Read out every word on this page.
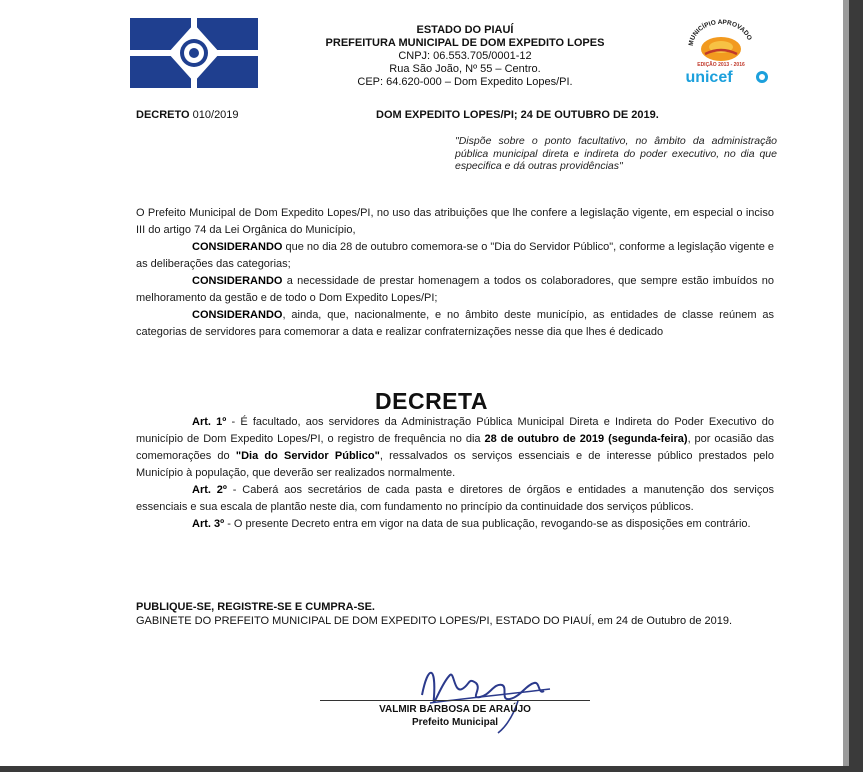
ESTADO DO PIAUÍ
PREFEITURA MUNICIPAL DE DOM EXPEDITO LOPES
CNPJ: 06.553.705/0001-12
Rua São João, Nº 55 – Centro.
CEP: 64.620-000 – Dom Expedito Lopes/PI.
MUNICÍPIO APROVADO
EDIÇÃO 2013 - 2016
unicef
DECRETO 010/2019	DOM EXPEDITO LOPES/PI; 24 DE OUTUBRO DE 2019.
"Dispõe sobre o ponto facultativo, no âmbito da administração pública municipal direta e indireta do poder executivo, no dia que especifica e dá outras providências"

O Prefeito Municipal de Dom Expedito Lopes/PI, no uso das atribuições que lhe confere a legislação vigente, em especial o inciso III do artigo 74 da Lei Orgânica do Município,

CONSIDERANDO que no dia 28 de outubro comemora-se o "Dia do Servidor Público", conforme a legislação vigente e as deliberações das categorias;

CONSIDERANDO a necessidade de prestar homenagem a todos os colaboradores, que sempre estão imbuídos no melhoramento da gestão e de todo o Dom Expedito Lopes/PI;

CONSIDERANDO, ainda, que, nacionalmente, e no âmbito deste município, as entidades de classe reúnem as categorias de servidores para comemorar a data e realizar confraternizações nesse dia que lhes é dedicado

DECRETA

Art. 1º - É facultado, aos servidores da Administração Pública Municipal Direta e Indireta do Poder Executivo do município de Dom Expedito Lopes/PI, o registro de frequência no dia 28 de outubro de 2019 (segunda-feira), por ocasião das comemorações do "Dia do Servidor Público", ressalvados os serviços essenciais e de interesse público prestados pelo Município à população, que deverão ser realizados normalmente.

Art. 2º - Caberá aos secretários de cada pasta e diretores de órgãos e entidades a manutenção dos serviços essenciais e sua escala de plantão neste dia, com fundamento no princípio da continuidade dos serviços públicos.

Art. 3º - O presente Decreto entra em vigor na data de sua publicação, revogando-se as disposições em contrário.

PUBLIQUE-SE, REGISTRE-SE E CUMPRA-SE.
GABINETE DO PREFEITO MUNICIPAL DE DOM EXPEDITO LOPES/PI, ESTADO DO PIAUÍ, em 24 de Outubro de 2019.
VALMIR BARBOSA DE ARAÚJO
Prefeito Municipal
